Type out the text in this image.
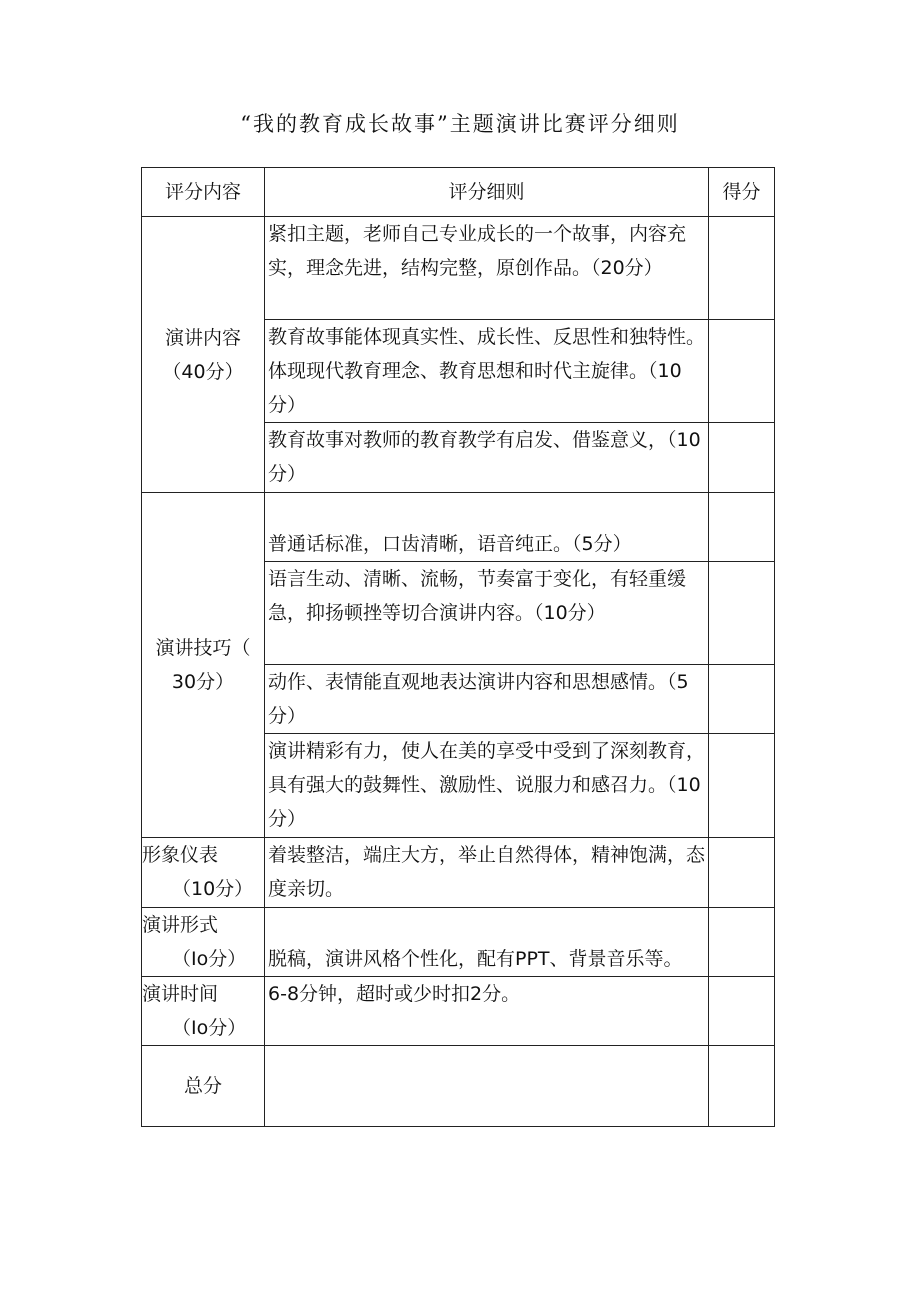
“我的教育成长故事”主题演讲比赛评分细则
评分内容	评分细则	得分

演讲内容
（40分）	紧扣主题，老师自己专业成长的一个故事，内容充实，理念先进，结构完整，原创作品。（20分）	
	教育故事能体现真实性、成长性、反思性和独特性。体现现代教育理念、教育思想和时代主旋律。（10分）	
	教育故事对教师的教育教学有启发、借鉴意义，（10分）	

演讲技巧（
30分）	普通话标准，口齿清晰，语音纯正。（5分）	
	语言生动、清晰、流畅，节奏富于变化，有轻重缓急，抑扬顿挫等切合演讲内容。（10分）	
	动作、表情能直观地表达演讲内容和思想感情。（5分）	
	演讲精彩有力，使人在美的享受中受到了深刻教育，具有强大的鼓舞性、激励性、说服力和感召力。（10分）	

形象仪表
（10分）	着装整洁，端庄大方，举止自然得体，精神饱满，态度亲切。	

演讲形式
（Io分）	脱稿，演讲风格个性化，配有PPT、背景音乐等。	

演讲时间
（Io分）	6-8分钟，超时或少时扣2分。	
总分		
